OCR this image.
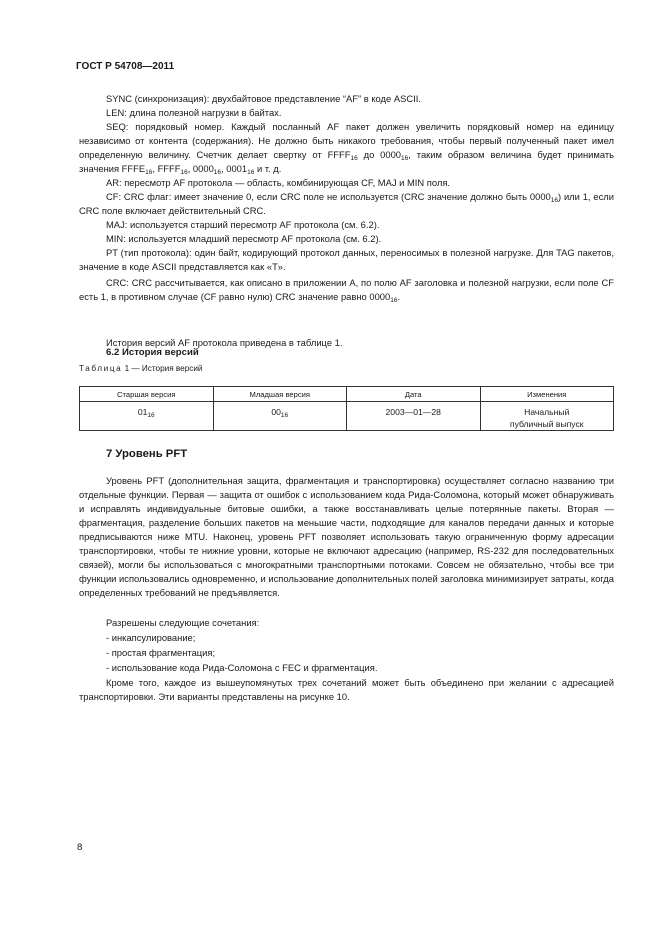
ГОСТ Р 54708—2011

SYNC (синхронизация): двухбайтовое представление “AF” в коде ASCII.

LEN: длина полезной нагрузки в байтах.

SEQ: порядковый номер. Каждый посланный AF пакет должен увеличить порядковый номер на единицу независимо от контента (содержания). Не должно быть никакого требования, чтобы первый полученный пакет имел определенную величину. Счетчик делает свертку от $FFFF_{16}$ до $0000_{16}$, таким образом величина будет принимать значения $FFFE_{16}$, $FFFF_{16}$, $0000_{16}$, $0001_{16}$ и т. д.

AR: пересмотр AF протокола — область, комбинирующая CF, MAJ и MIN поля.

CF: CRC флаг: имеет значение 0, если CRC поле не используется (CRC значение должно быть $0000_{16}$) или 1, если CRC поле включает действительный CRC.

MAJ: используется старший пересмотр AF протокола (см. 6.2).

MIN: используется младший пересмотр AF протокола (см. 6.2).

PT (тип протокола): один байт, кодирующий протокол данных, переносимых в полезной нагрузке. Для TAG пакетов, значение в коде ASCII представляется как «T».

CRC: CRC рассчитывается, как описано в приложении А, по полю AF заголовка и полезной нагрузки, если поле CF есть 1, в противном случае (CF равно нулю) CRC значение равно $0000_{16}$.

6.2 История версий

История версий AF протокола приведена в таблице 1.

Таблица 1 — История версий
Старшая версия	Младшая версия	Дата	Изменения

$01_{16}$	$00_{16}$	2003—01—28	Начальный публичный выпуск
7 Уровень PFT

Уровень PFT (дополнительная защита, фрагментация и транспортировка) осуществляет согласно названию три отдельные функции. Первая — защита от ошибок с использованием кода Рида-Соломона, который может обнаруживать и исправлять индивидуальные битовые ошибки, а также восстанавливать целые потерянные пакеты. Вторая — фрагментация, разделение больших пакетов на меньшие части, подходящие для каналов передачи данных и которые предписываются ниже MTU. Наконец, уровень PFT позволяет использовать такую ограниченную форму адресации транспортировки, чтобы те нижние уровни, которые не включают адресацию (например, RS-232 для последовательных связей), могли бы использоваться с многократными транспортными потоками. Совсем не обязательно, чтобы все три функции использовались одновременно, и использование дополнительных полей заголовка минимизирует затраты, когда определенных требований не предъявляется.

Разрешены следующие сочетания:

- инкапсулирование;

- простая фрагментация;

- использование кода Рида-Соломона с FEC и фрагментация.

Кроме того, каждое из вышеупомянутых трех сочетаний может быть объединено при желании с адресацией транспортировки. Эти варианты представлены на рисунке 10.

8
